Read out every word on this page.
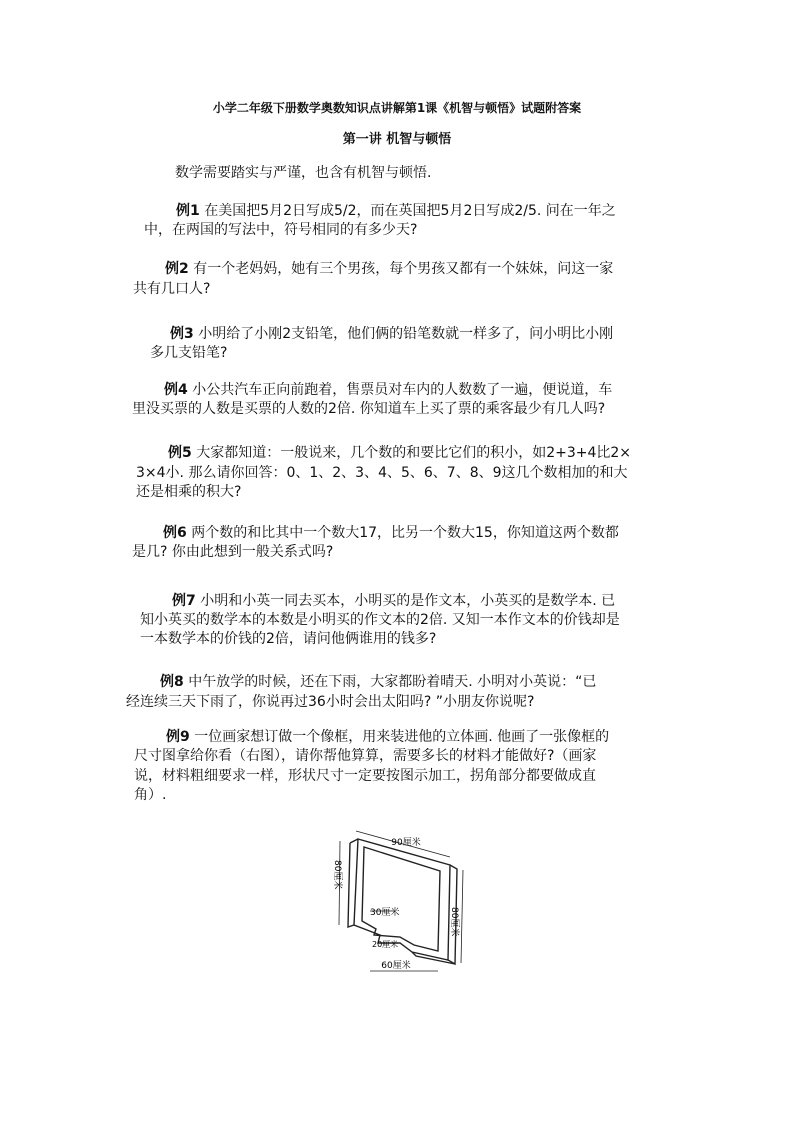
小学二年级下册数学奥数知识点讲解第1课《机智与顿悟》试题附答案
第一讲 机智与顿悟
数学需要踏实与严谨，也含有机智与顿悟.
例1 在美国把5月2日写成5/2，而在英国把5月2日写成2/5. 问在一年之
中，在两国的写法中，符号相同的有多少天?
例2 有一个老妈妈，她有三个男孩，每个男孩又都有一个妹妹，问这一家
共有几口人?
例3 小明给了小刚2支铅笔，他们俩的铅笔数就一样多了，问小明比小刚
多几支铅笔?
例4 小公共汽车正向前跑着，售票员对车内的人数数了一遍，便说道，车
里没买票的人数是买票的人数的2倍. 你知道车上买了票的乘客最少有几人吗?
例5 大家都知道：一般说来，几个数的和要比它们的积小，如2+3+4比2×
3×4小. 那么请你回答：0、1、2、3、4、5、6、7、8、9这几个数相加的和大
还是相乘的积大?
例6 两个数的和比其中一个数大17，比另一个数大15，你知道这两个数都
是几? 你由此想到一般关系式吗?
例7 小明和小英一同去买本，小明买的是作文本，小英买的是数学本. 已
知小英买的数学本的本数是小明买的作文本的2倍. 又知一本作文本的价钱却是
一本数学本的价钱的2倍，请问他俩谁用的钱多?
例8 中午放学的时候，还在下雨，大家都盼着晴天. 小明对小英说：“已
经连续三天下雨了，你说再过36小时会出太阳吗? ”小朋友你说呢?
例9 一位画家想订做一个像框，用来装进他的立体画. 他画了一张像框的
尺寸图拿给你看（右图），请你帮他算算，需要多长的材料才能做好?（画家
说，材料粗细要求一样，形状尺寸一定要按图示加工，拐角部分都要做成直
角）.
90厘米
80厘米
80厘米
30厘米
20厘米
60厘米
